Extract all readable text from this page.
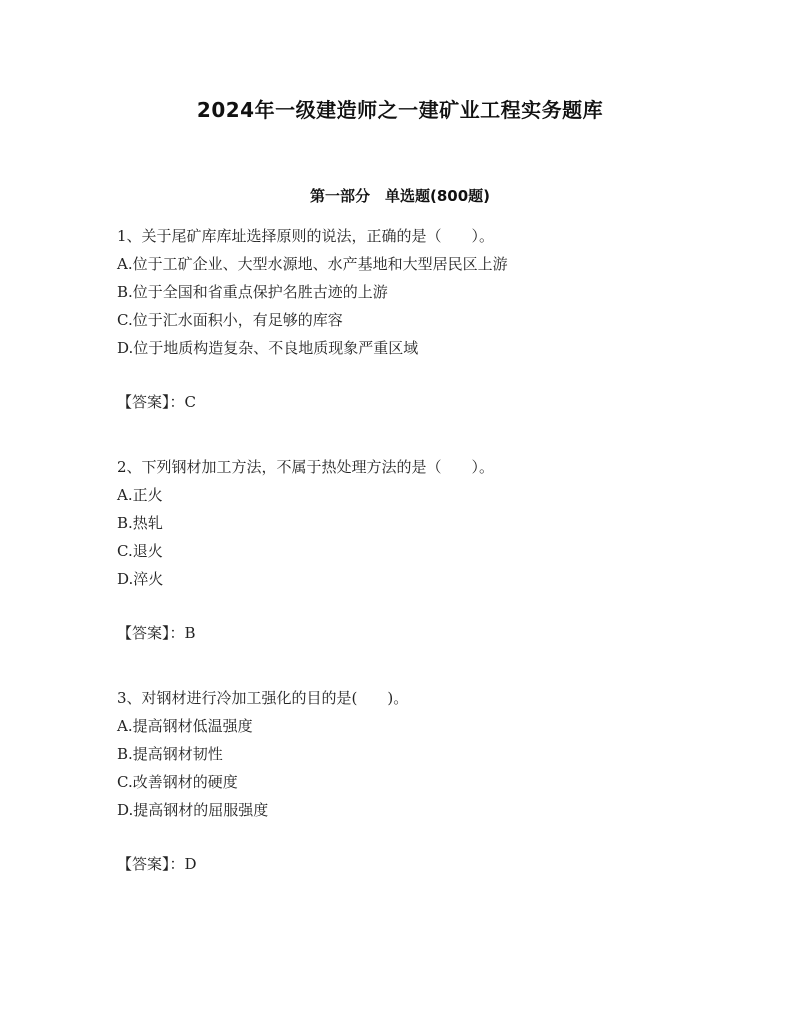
2024年一级建造师之一建矿业工程实务题库
第一部分　单选题(800题)
1、关于尾矿库库址选择原则的说法，正确的是（　　）。
A.位于工矿企业、大型水源地、水产基地和大型居民区上游
B.位于全国和省重点保护名胜古迹的上游
C.位于汇水面积小，有足够的库容
D.位于地质构造复杂、不良地质现象严重区域
【答案】：C
2、下列钢材加工方法，不属于热处理方法的是（　　）。
A.正火
B.热轧
C.退火
D.淬火
【答案】：B
3、对钢材进行冷加工强化的目的是(　　)。
A.提高钢材低温强度
B.提高钢材韧性
C.改善钢材的硬度
D.提高钢材的屈服强度
【答案】：D
